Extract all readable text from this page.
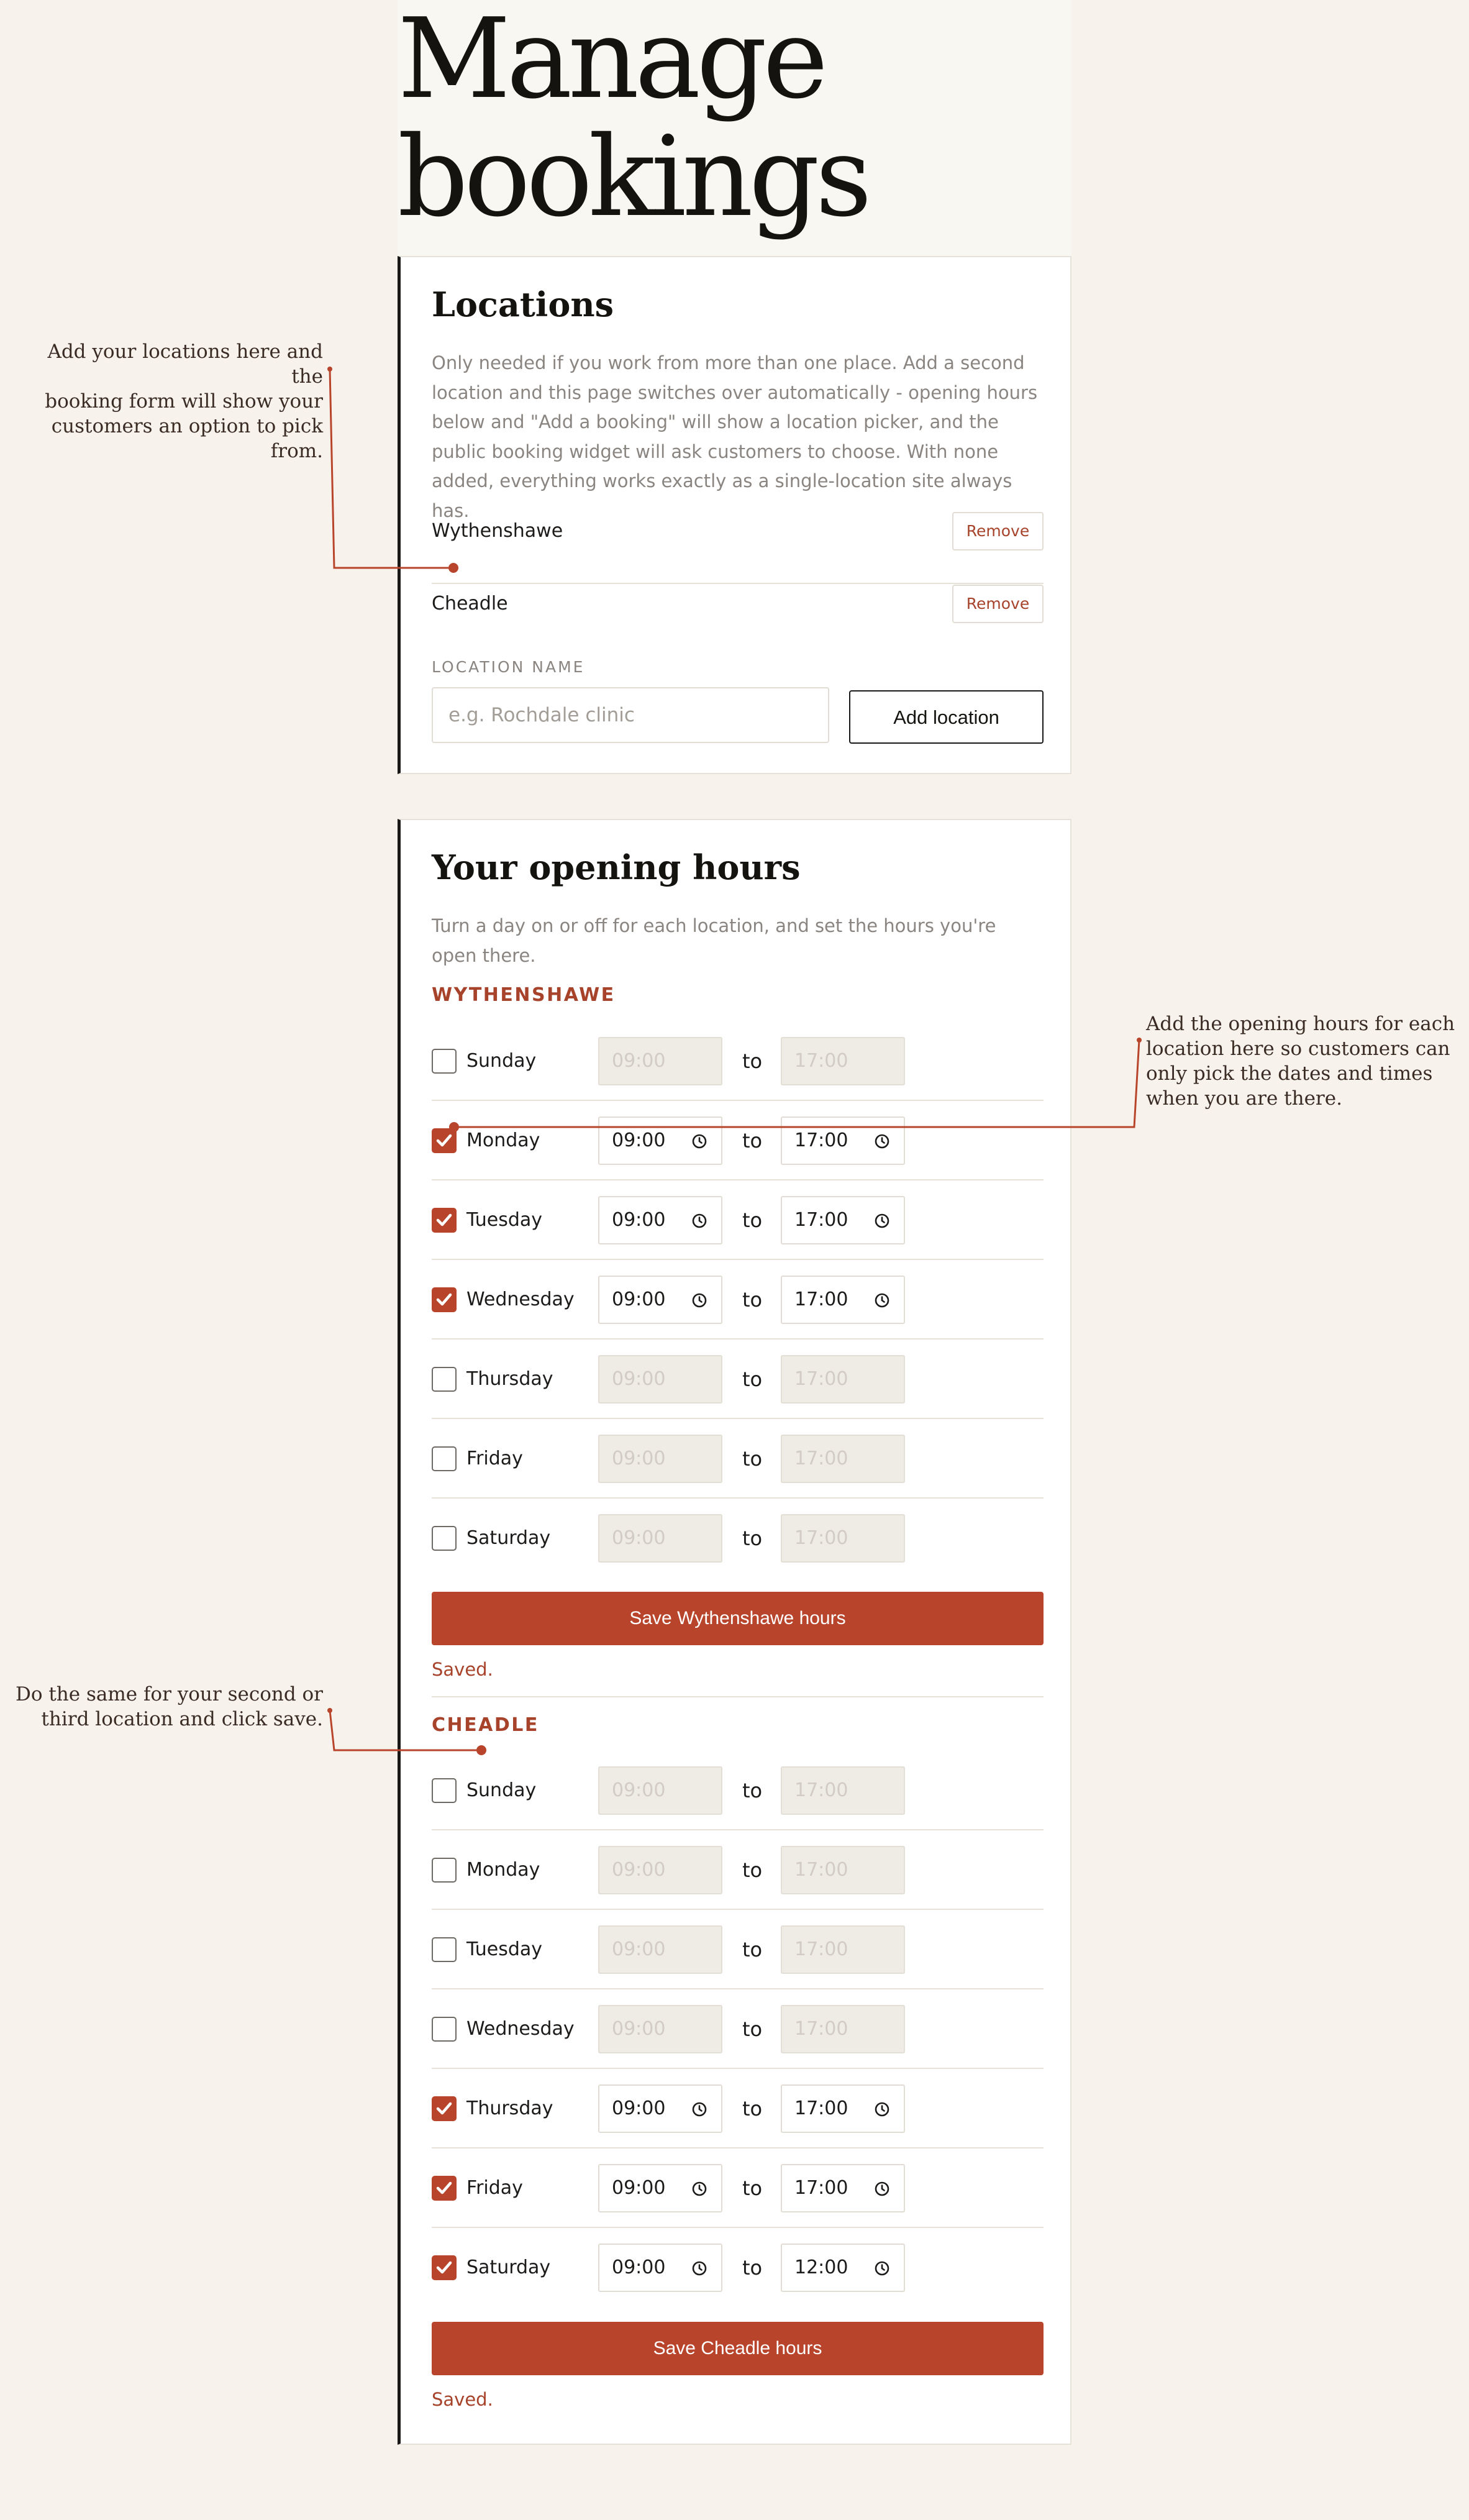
Manage
bookings
Locations

Only needed if you work from more than one place. Add a second location and this page switches over automatically - opening hours below and "Add a booking" will show a location picker, and the public booking widget will ask customers to choose. With none added, everything works exactly as a single-location site always has.

Wythenshawe	Remove
Cheadle	Remove
LOCATION NAME
e.g. Rochdale clinic
Add location
Your opening hours

Turn a day on or off for each location, and set the hours you're open there.

WYTHENSHAWE
Sunday	09:00	to	17:00
Monday	09:00	to	17:00
Tuesday	09:00	to	17:00
Wednesday	09:00	to	17:00
Thursday	09:00	to	17:00
Friday	09:00	to	17:00
Saturday	09:00	to	17:00
Save Wythenshawe hours
Saved.
CHEADLE
Sunday	09:00	to	17:00
Monday	09:00	to	17:00
Tuesday	09:00	to	17:00
Wednesday	09:00	to	17:00
Thursday	09:00	to	17:00
Friday	09:00	to	17:00
Saturday	09:00	to	12:00
Save Cheadle hours
Saved.
Add your locations here and the
booking form will show your
customers an option to pick from.
Add the opening hours for each
location here so customers can
only pick the dates and times
when you are there.
Do the same for your second or
third location and click save.
